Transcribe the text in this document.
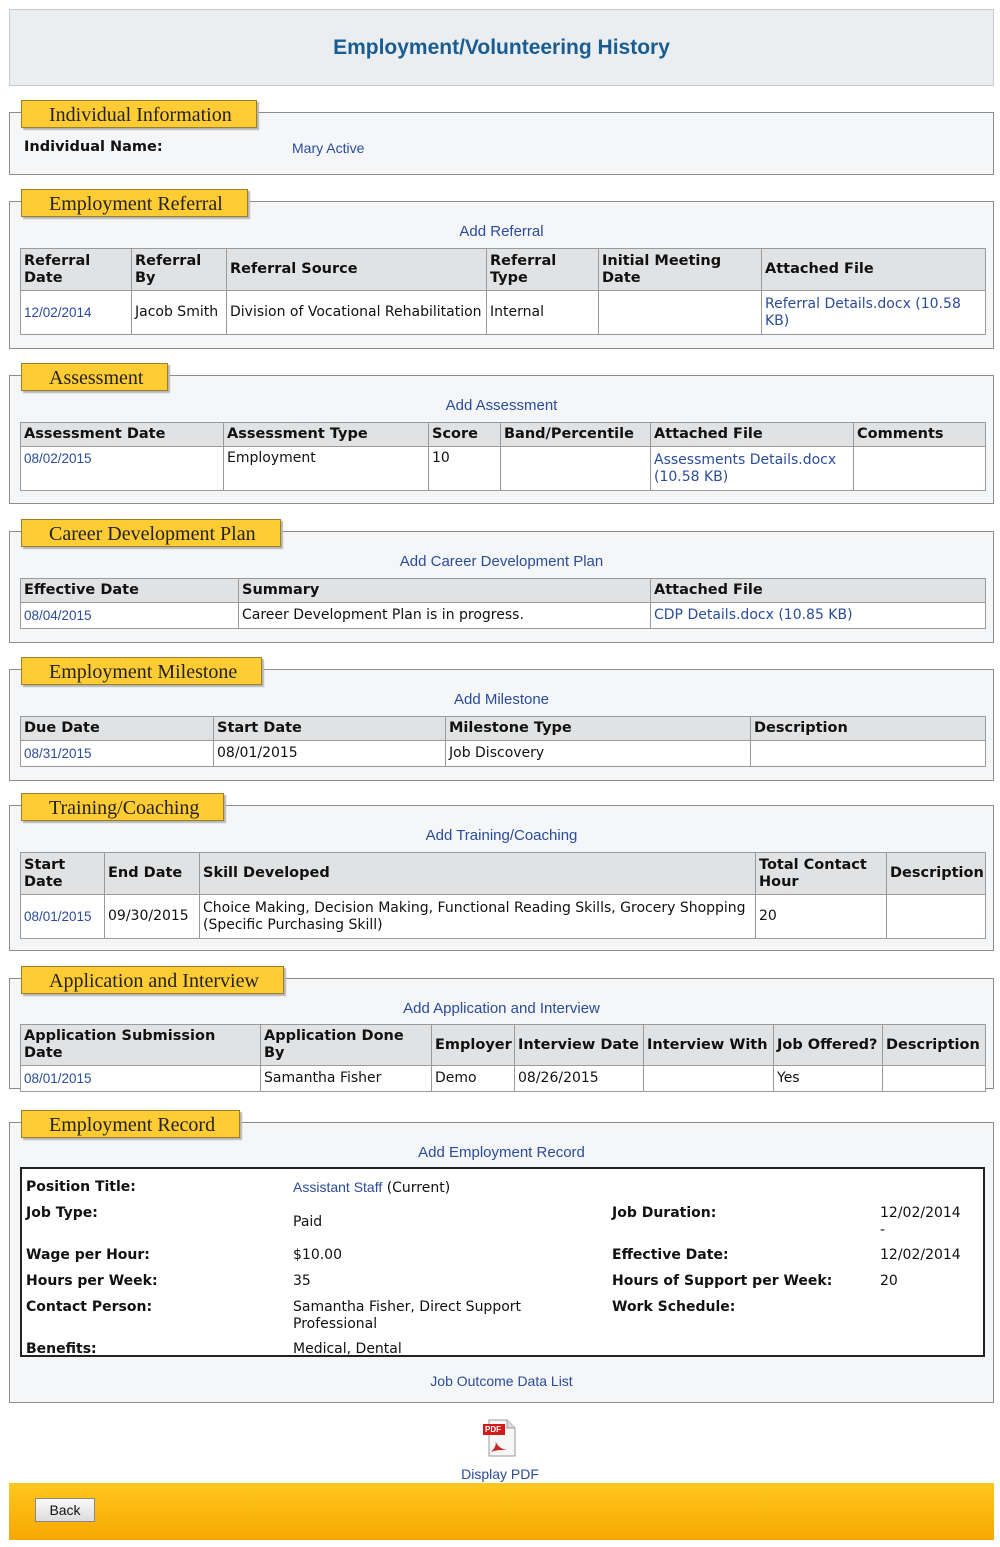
Employment/Volunteering History
Individual Information
Individual Name:	Mary Active
Employment Referral
Add Referral
Referral Date	Referral By	Referral Source	Referral Type	Initial Meeting Date	Attached File
12/02/2014	Jacob Smith	Division of Vocational Rehabilitation	Internal		Referral Details.docx (10.58 KB)
Assessment
Add Assessment
Assessment Date	Assessment Type	Score	Band/Percentile	Attached File	Comments
08/02/2015	Employment	10		Assessments Details.docx (10.58 KB)	
Career Development Plan
Add Career Development Plan
Effective Date	Summary	Attached File
08/04/2015	Career Development Plan is in progress.	CDP Details.docx (10.85 KB)
Employment Milestone
Add Milestone
Due Date	Start Date	Milestone Type	Description
08/31/2015	08/01/2015	Job Discovery	
Training/Coaching
Add Training/Coaching
Start Date	End Date	Skill Developed	Total Contact Hour	Description
08/01/2015	09/30/2015	Choice Making, Decision Making, Functional Reading Skills, Grocery Shopping (Specific Purchasing Skill)	20	
Application and Interview
Add Application and Interview
Application Submission Date	Application Done By	Employer	Interview Date	Interview With	Job Offered?	Description
08/01/2015	Samantha Fisher	Demo	08/26/2015		Yes	
Employment Record
Add Employment Record
Position Title:	Assistant Staff (Current)
Job Type:
Paid
Job Duration:	12/02/2014
-
Wage per Hour:	$10.00	Effective Date:	12/02/2014
Hours per Week:	35	Hours of Support per Week:	20
Contact Person:	Samantha Fisher, Direct Support Professional
Work Schedule:
Benefits:	Medical, Dental
Job Outcome Data List
PDF
Display PDF
Back
